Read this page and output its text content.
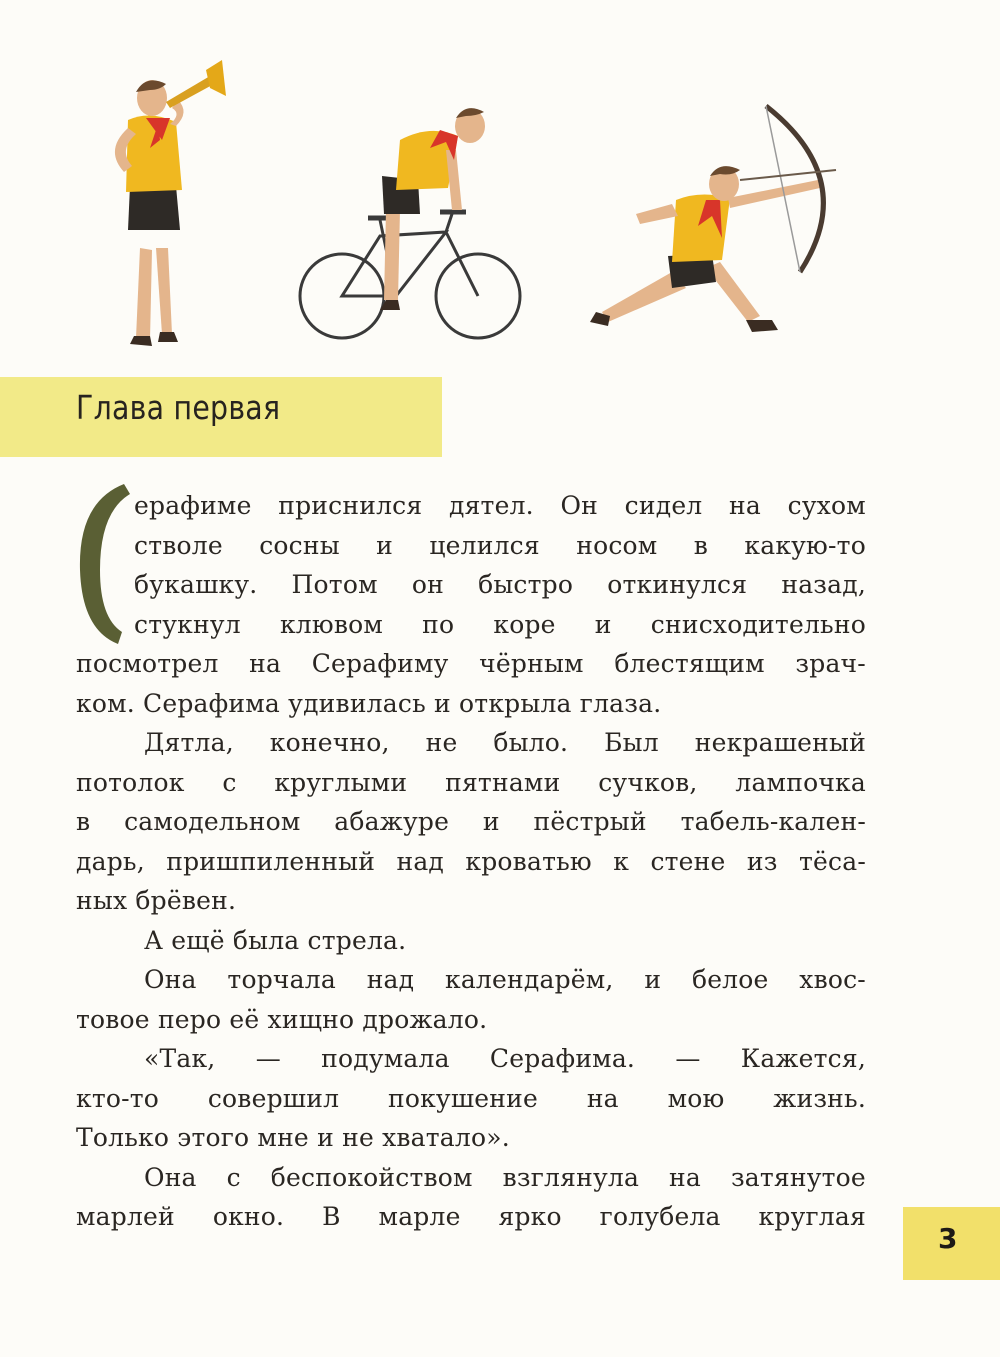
Глава первая
С
ерафиме приснился дятел. Он сидел на сухом
стволе сосны и целился носом в какую-то
букашку. Потом он быстро откинулся назад,
стукнул клювом по коре и снисходительно
посмотрел на Серафиму чёрным блестящим зрач-
ком. Серафима удивилась и открыла глаза.
Дятла, конечно, не было. Был некрашеный
потолок с круглыми пятнами сучков, лампочка
в самодельном абажуре и пёстрый табель-кален-
дарь, пришпиленный над кроватью к стене из тёса-
ных брёвен.
А ещё была стрела.
Она торчала над календарём, и белое хвос-
товое перо её хищно дрожало.
«Так, — подумала Серафима. — Кажется,
кто-то совершил покушение на мою жизнь.
Только этого мне и не хватало».
Она с беспокойством взглянула на затянутое
марлей окно. В марле ярко голубела круглая
3
